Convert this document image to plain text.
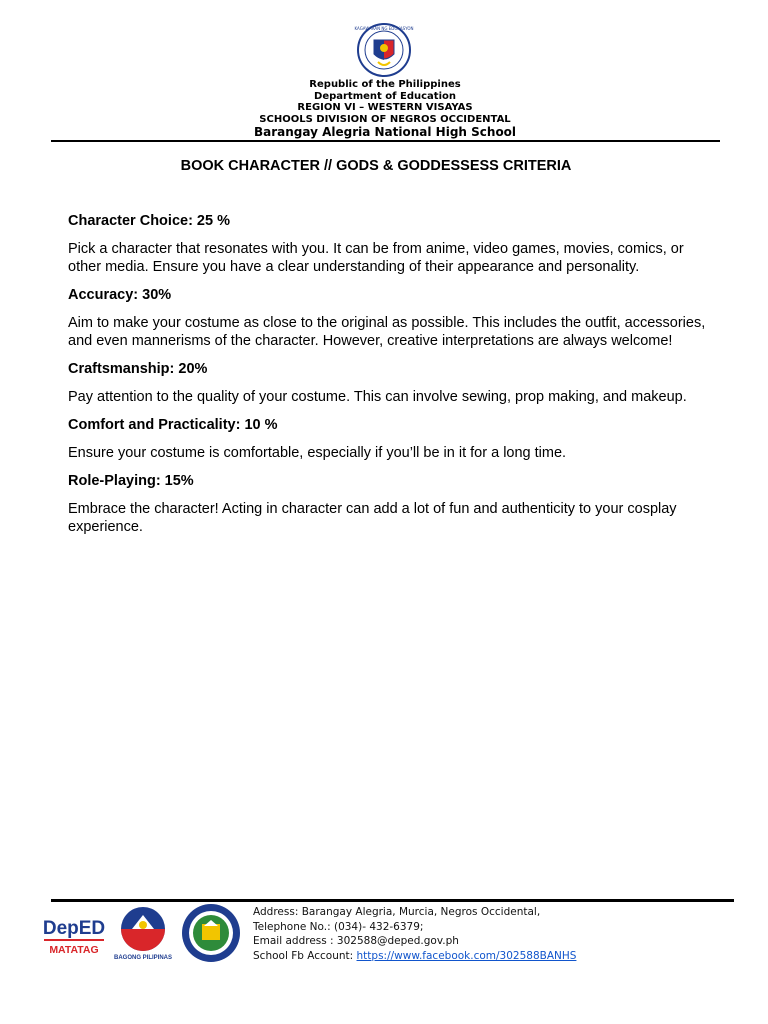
KAGAWARAN NG EDUKASYON
Republic of the Philippines
Department of Education
REGION VI – WESTERN VISAYAS
SCHOOLS DIVISION OF NEGROS OCCIDENTAL
Barangay Alegria National High School
BOOK CHARACTER // GODS & GODDESSESS CRITERIA

Character Choice: 25 %

Pick a character that resonates with you. It can be from anime, video games, movies, comics, or other media. Ensure you have a clear understanding of their appearance and personality.

Accuracy: 30%

Aim to make your costume as close to the original as possible. This includes the outfit, accessories, and even mannerisms of the character. However, creative interpretations are always welcome!

Craftsmanship: 20%

Pay attention to the quality of your costume. This can involve sewing, prop making, and makeup.

Comfort and Practicality: 10 %

Ensure your costume is comfortable, especially if you’ll be in it for a long time.

Role-Playing: 15%

Embrace the character! Acting in character can add a lot of fun and authenticity to your cosplay experience.

DepED
MATATAG
BAGONG PILIPINAS
Address: Barangay Alegria, Murcia, Negros Occidental,
Telephone No.: (034)- 432-6379;
Email address : 302588@deped.gov.ph
School Fb Account: https://www.facebook.com/302588BANHS
